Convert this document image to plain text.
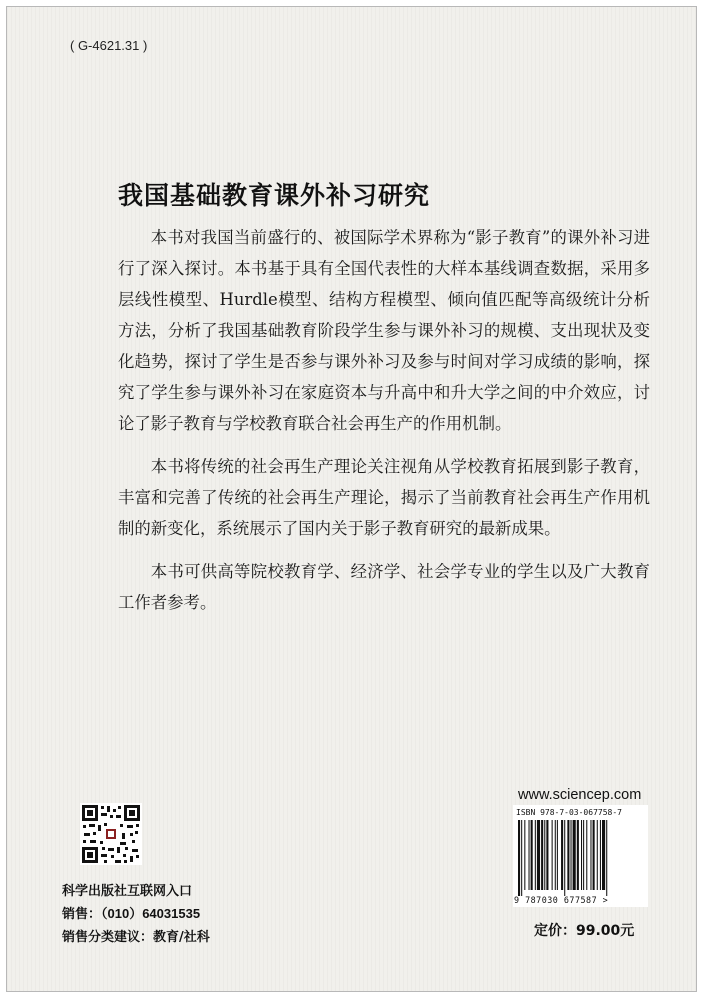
( G-4621.31 )
我国基础教育课外补习研究

本书对我国当前盛行的、被国际学术界称为“影子教育”的课外补习进行了深入探讨。本书基于具有全国代表性的大样本基线调查数据，采用多层线性模型、Hurdle模型、结构方程模型、倾向值匹配等高级统计分析方法，分析了我国基础教育阶段学生参与课外补习的规模、支出现状及变化趋势，探讨了学生是否参与课外补习及参与时间对学习成绩的影响，探究了学生参与课外补习在家庭资本与升高中和升大学之间的中介效应，讨论了影子教育与学校教育联合社会再生产的作用机制。

本书将传统的社会再生产理论关注视角从学校教育拓展到影子教育，丰富和完善了传统的社会再生产理论，揭示了当前教育社会再生产作用机制的新变化，系统展示了国内关于影子教育研究的最新成果。

本书可供高等院校教育学、经济学、社会学专业的学生以及广大教育工作者参考。

科学出版社互联网入口
销售：（010）64031535
销售分类建议：教育/社科
www.sciencep.com
ISBN 978-7-03-067758-7
9 787030 677587 >
定价：99.00元
